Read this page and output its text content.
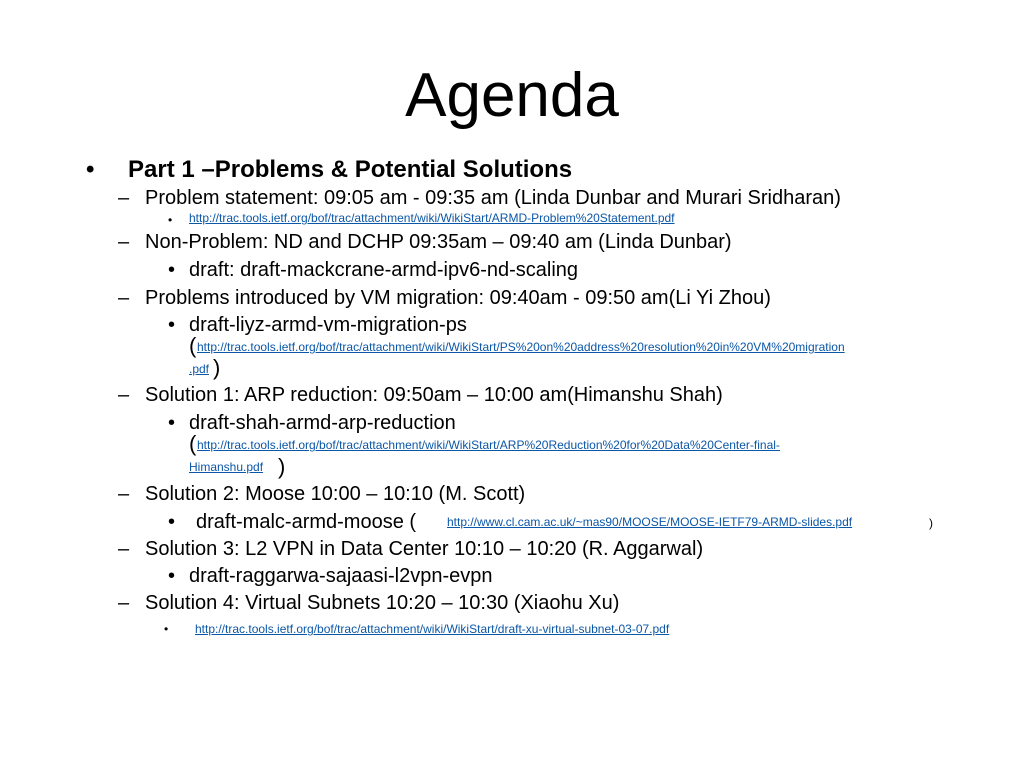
Agenda
• Part 1 –Problems & Potential Solutions
– Problem statement: 09:05 am - 09:35 am (Linda Dunbar and Murari Sridharan)
• http://trac.tools.ietf.org/bof/trac/attachment/wiki/WikiStart/ARMD-Problem%20Statement.pdf
– Non-Problem: ND and DCHP 09:35am – 09:40 am (Linda Dunbar)
• draft: draft-mackcrane-armd-ipv6-nd-scaling
– Problems introduced by VM migration: 09:40am - 09:50 am(Li Yi Zhou)
• draft-liyz-armd-vm-migration-ps
( http://trac.tools.ietf.org/bof/trac/attachment/wiki/WikiStart/PS%20on%20address%20resolution%20in%20VM%20migration
.pdf )
– Solution 1: ARP reduction: 09:50am – 10:00 am(Himanshu Shah)
• draft-shah-armd-arp-reduction
( http://trac.tools.ietf.org/bof/trac/attachment/wiki/WikiStart/ARP%20Reduction%20for%20Data%20Center-final-
Himanshu.pdf )
– Solution 2: Moose 10:00 – 10:10 (M. Scott)
• draft-malc-armd-moose (	http://www.cl.cam.ac.uk/~mas90/MOOSE/MOOSE-IETF79-ARMD-slides.pdf	)
– Solution 3: L2 VPN in Data Center 10:10 – 10:20 (R. Aggarwal)
• draft-raggarwa-sajaasi-l2vpn-evpn
– Solution 4: Virtual Subnets 10:20 – 10:30 (Xiaohu Xu)
• http://trac.tools.ietf.org/bof/trac/attachment/wiki/WikiStart/draft-xu-virtual-subnet-03-07.pdf
